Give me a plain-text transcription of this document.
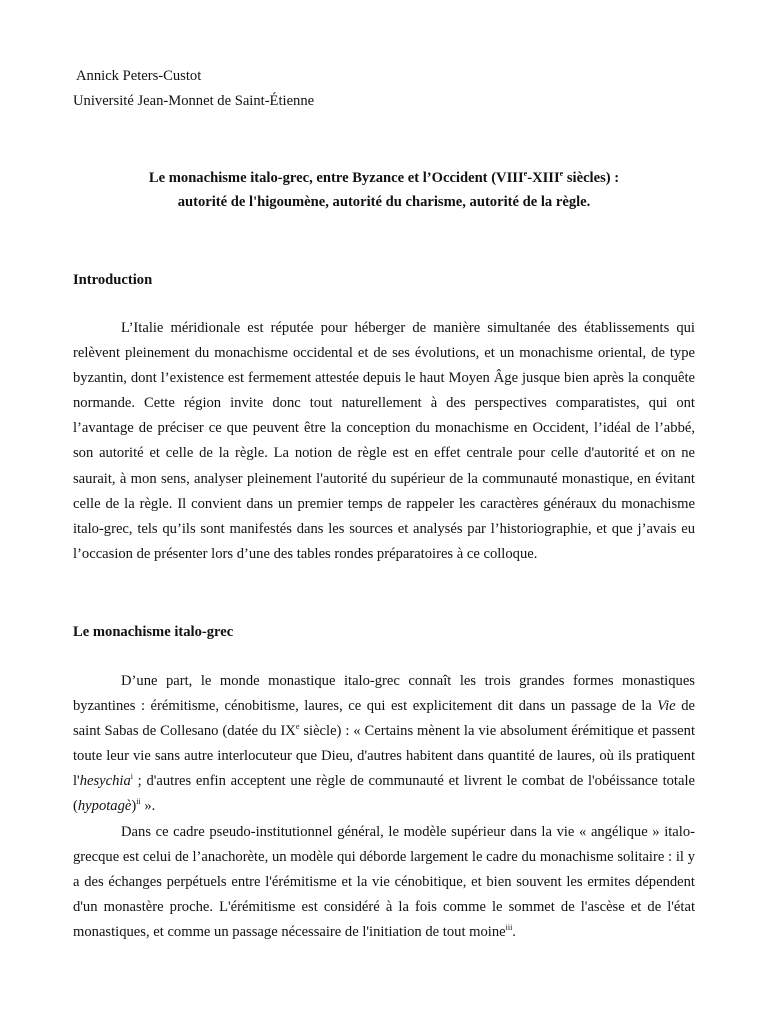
Annick Peters-Custot
Université Jean-Monnet de Saint-Étienne
Le monachisme italo-grec, entre Byzance et l’Occident (VIIIe-XIIIe siècles) :
autorité de l'higoumène, autorité du charisme, autorité de la règle.
Introduction

L’Italie méridionale est réputée pour héberger de manière simultanée des établissements qui relèvent pleinement du monachisme occidental et de ses évolutions, et un monachisme oriental, de type byzantin, dont l’existence est fermement attestée depuis le haut Moyen Âge jusque bien après la conquête normande. Cette région invite donc tout naturellement à des perspectives comparatistes, qui ont l’avantage de préciser ce que peuvent être la conception du monachisme en Occident, l’idéal de l’abbé, son autorité et celle de la règle. La notion de règle est en effet centrale pour celle d'autorité et on ne saurait, à mon sens, analyser pleinement l'autorité du supérieur de la communauté monastique, en évitant celle de la règle. Il convient dans un premier temps de rappeler les caractères généraux du monachisme italo-grec, tels qu’ils sont manifestés dans les sources et analysés par l’historiographie, et que j’avais eu l’occasion de présenter lors d’une des tables rondes préparatoires à ce colloque.

Le monachisme italo-grec

D’une part, le monde monastique italo-grec connaît les trois grandes formes monastiques byzantines : érémitisme, cénobitisme, laures, ce qui est explicitement dit dans un passage de la Vie de saint Sabas de Collesano (datée du IXe siècle) : « Certains mènent la vie absolument érémitique et passent toute leur vie sans autre interlocuteur que Dieu, d'autres habitent dans quantité de laures, où ils pratiquent l'hesychia$^i$ ; d'autres enfin acceptent une règle de communauté et livrent le combat de l'obéissance totale (hypotagè)$^{ii}$ ».

Dans ce cadre pseudo-institutionnel général, le modèle supérieur dans la vie « angélique » italo-grecque est celui de l’anachorète, un modèle qui déborde largement le cadre du monachisme solitaire : il y a des échanges perpétuels entre l'érémitisme et la vie cénobitique, et bien souvent les ermites dépendent d'un monastère proche. L'érémitisme est considéré à la fois comme le sommet de l'ascèse et de l'état monastiques, et comme un passage nécessaire de l'initiation de tout moine$^{iii}$.
